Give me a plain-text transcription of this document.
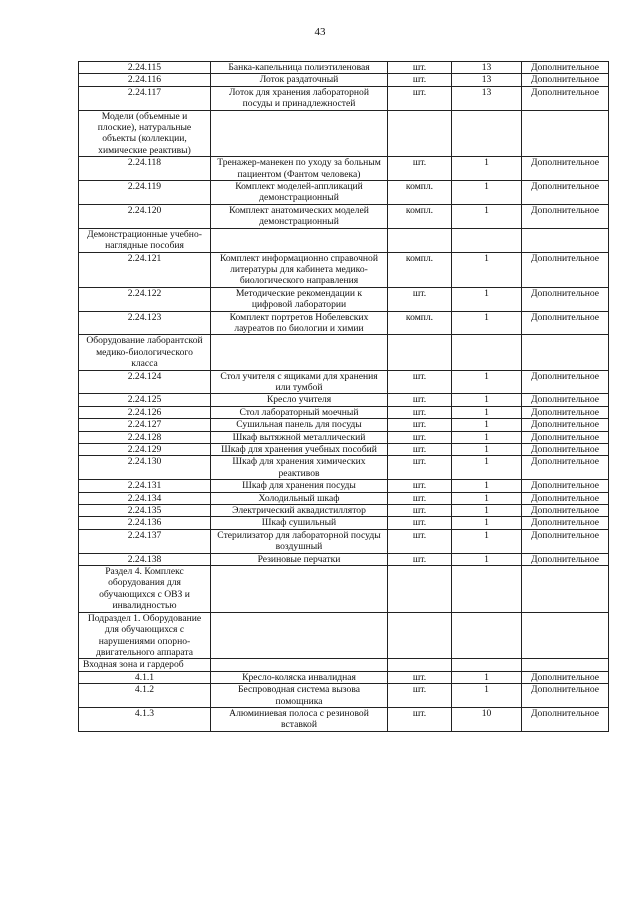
43
2.24.115	Банка-капельница полиэтиленовая	шт.	13	Дополнительное
2.24.116	Лоток раздаточный	шт.	13	Дополнительное
2.24.117	Лоток для хранения лабораторной посуды и принадлежностей	шт.	13	Дополнительное
Модели (объемные и плоские), натуральные объекты (коллекции, химические реактивы)				
2.24.118	Тренажер-манекен по уходу за больным пациентом (Фантом человека)	шт.	1	Дополнительное
2.24.119	Комплект моделей-аппликаций демонстрационный	компл.	1	Дополнительное
2.24.120	Комплект анатомических моделей демонстрационный	компл.	1	Дополнительное
Демонстрационные учебно-наглядные пособия				
2.24.121	Комплект информационно справочной литературы для кабинета медико-биологического направления	компл.	1	Дополнительное
2.24.122	Методические рекомендации к цифровой лаборатории	шт.	1	Дополнительное
2.24.123	Комплект портретов Нобелевских лауреатов по биологии и химии	компл.	1	Дополнительное
Оборудование лаборантской медико-биологического класса				
2.24.124	Стол учителя с ящиками для хранения или тумбой	шт.	1	Дополнительное
2.24.125	Кресло учителя	шт.	1	Дополнительное
2.24.126	Стол лабораторный моечный	шт.	1	Дополнительное
2.24.127	Сушильная панель для посуды	шт.	1	Дополнительное
2.24.128	Шкаф вытяжной металлический	шт.	1	Дополнительное
2.24.129	Шкаф для хранения учебных пособий	шт.	1	Дополнительное
2.24.130	Шкаф для хранения химических реактивов	шт.	1	Дополнительное
2.24.131	Шкаф для хранения посуды	шт.	1	Дополнительное
2.24.134	Холодильный шкаф	шт.	1	Дополнительное
2.24.135	Электрический аквадистиллятор	шт.	1	Дополнительное
2.24.136	Шкаф сушильный	шт.	1	Дополнительное
2.24.137	Стерилизатор для лабораторной посуды воздушный	шт.	1	Дополнительное
2.24.138	Резиновые перчатки	шт.	1	Дополнительное
Раздел 4. Комплекс оборудования для обучающихся с ОВЗ и инвалидностью				
Подраздел 1. Оборудование для обучающихся с нарушениями опорно-двигательного аппарата				
Входная зона и гардероб				
4.1.1	Кресло-коляска инвалидная	шт.	1	Дополнительное
4.1.2	Беспроводная система вызова помощника	шт.	1	Дополнительное
4.1.3	Алюминиевая полоса с резиновой вставкой	шт.	10	Дополнительное
